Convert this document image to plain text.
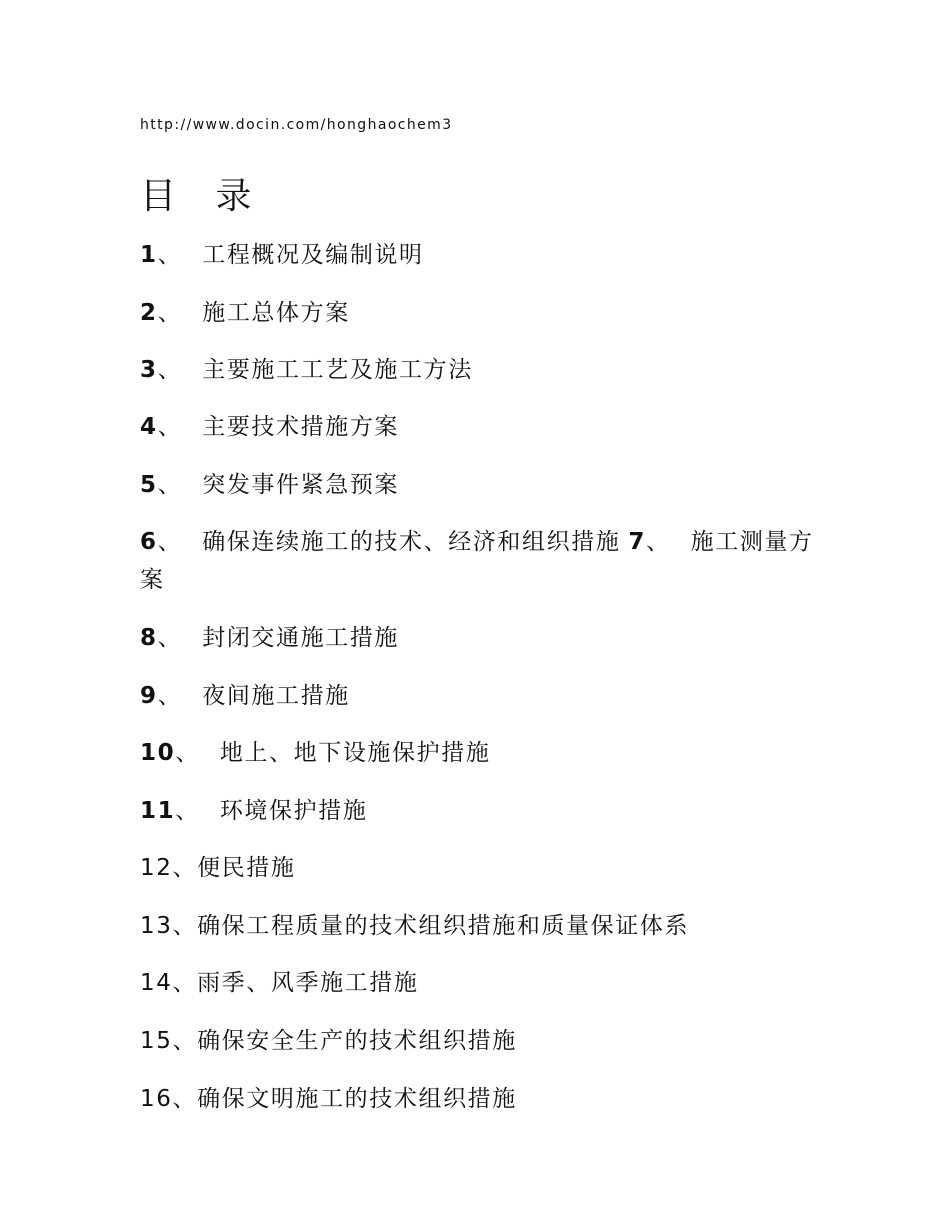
http://www.docin.com/honghaochem3
目 录
1、 工程概况及编制说明
2、 施工总体方案
3、 主要施工工艺及施工方法
4、 主要技术措施方案
5、 突发事件紧急预案
6、 确保连续施工的技术、经济和组织措施 7、 施工测量方案
8、 封闭交通施工措施
9、 夜间施工措施
10、 地上、地下设施保护措施
11、 环境保护措施
12、便民措施
13、确保工程质量的技术组织措施和质量保证体系
14、雨季、风季施工措施
15、确保安全生产的技术组织措施
16、确保文明施工的技术组织措施
